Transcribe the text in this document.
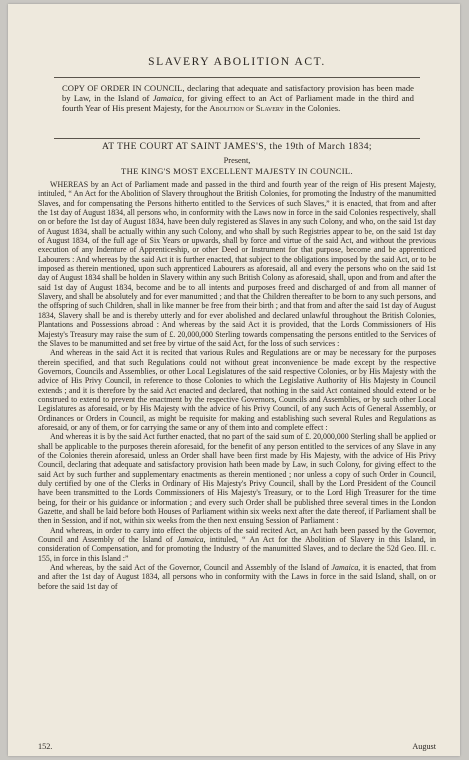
SLAVERY ABOLITION ACT.
COPY OF ORDER IN COUNCIL, declaring that adequate and satisfactory provision has been made by Law, in the Island of Jamaica, for giving effect to an Act of Parliament made in the third and fourth Year of His present Majesty, for the Abolition of Slavery in the Colonies.
AT THE COURT AT SAINT JAMES'S, the 19th of March 1834;
Present,
THE KING'S MOST EXCELLENT MAJESTY IN COUNCIL.

WHEREAS by an Act of Parliament made and passed in the third and fourth year of the reign of His present Majesty, intituled, “ An Act for the Abolition of Slavery throughout the British Colonies, for promoting the Industry of the manumitted Slaves, and for compensating the Persons hitherto entitled to the Services of such Slaves,” it is enacted, that from and after the 1st day of August 1834, all persons who, in conformity with the Laws now in force in the said Colonies respectively, shall on or before the 1st day of August 1834, have been duly registered as Slaves in any such Colony, and who, on the said 1st day of August 1834, shall be actually within any such Colony, and who shall by such Registries appear to be, on the said 1st day of August 1834, of the full age of Six Years or upwards, shall by force and virtue of the said Act, and without the previous execution of any Indenture of Apprenticeship, or other Deed or Instrument for that purpose, become and be apprenticed Labourers : And whereas by the said Act it is further enacted, that subject to the obligations imposed by the said Act, or to be imposed as therein mentioned, upon such apprenticed Labourers as aforesaid, all and every the persons who on the said 1st day of August 1834 shall be holden in Slavery within any such British Colony as aforesaid, shall, upon and from and after the said 1st day of August 1834, become and be to all intents and purposes freed and discharged of and from all manner of Slavery, and shall be absolutely and for ever manumitted ; and that the Children thereafter to be born to any such persons, and the offspring of such Children, shall in like manner be free from their birth ; and that from and after the said 1st day of August 1834, Slavery shall be and is thereby utterly and for ever abolished and declared unlawful throughout the British Colonies, Plantations and Possessions abroad : And whereas by the said Act it is provided, that the Lords Commissioners of His Majesty's Treasury may raise the sum of £. 20,000,000 Sterling towards compensating the persons entitled to the Services of the Slaves to be manumitted and set free by virtue of the said Act, for the loss of such services :

And whereas in the said Act it is recited that various Rules and Regulations are or may be necessary for the purposes therein specified, and that such Regulations could not without great inconvenience be made except by the respective Governors, Councils and Assemblies, or other Local Legislatures of the said respective Colonies, or by His Majesty with the advice of His Privy Council, in reference to those Colonies to which the Legislative Authority of His Majesty in Council extends ; and it is therefore by the said Act enacted and declared, that nothing in the said Act contained should extend or be construed to extend to prevent the enactment by the respective Governors, Councils and Assemblies, or by such other Local Legislatures as aforesaid, or by His Majesty with the advice of his Privy Council, of any such Acts of General Assembly, or Ordinances or Orders in Council, as might be requisite for making and establishing such several Rules and Regulations as aforesaid, or any of them, or for carrying the same or any of them into and complete effect :

And whereas it is by the said Act further enacted, that no part of the said sum of £. 20,000,000 Sterling shall be applied or shall be applicable to the purposes therein aforesaid, for the benefit of any person entitled to the services of any Slave in any of the Colonies therein aforesaid, unless an Order shall have been first made by His Majesty, with the advice of His Privy Council, declaring that adequate and satisfactory provision hath been made by Law, in such Colony, for giving effect to the said Act by such further and supplementary enactments as therein mentioned ; nor unless a copy of such Order in Council, duly certified by one of the Clerks in Ordinary of His Majesty's Privy Council, shall by the Lord President of the Council have been transmitted to the Lords Commissioners of His Majesty's Treasury, or to the Lord High Treasurer for the time being, for their or his guidance or information ; and every such Order shall be published three several times in the London Gazette, and shall be laid before both Houses of Parliament within six weeks next after the date thereof, if Parliament shall be then in Session, and if not, within six weeks from the then next ensuing Session of Parliament :

And whereas, in order to carry into effect the objects of the said recited Act, an Act hath been passed by the Governor, Council and Assembly of the Island of Jamaica, intituled, “ An Act for the Abolition of Slavery in this Island, in consideration of Compensation, and for promoting the Industry of the manumitted Slaves, and to declare the 52d Geo. III. c. 155, in force in this Island :”

And whereas, by the said Act of the Governor, Council and Assembly of the Island of Jamaica, it is enacted, that from and after the 1st day of August 1834, all persons who in conformity with the Laws in force in the said Island, shall, on or before the said 1st day of

152.	August
